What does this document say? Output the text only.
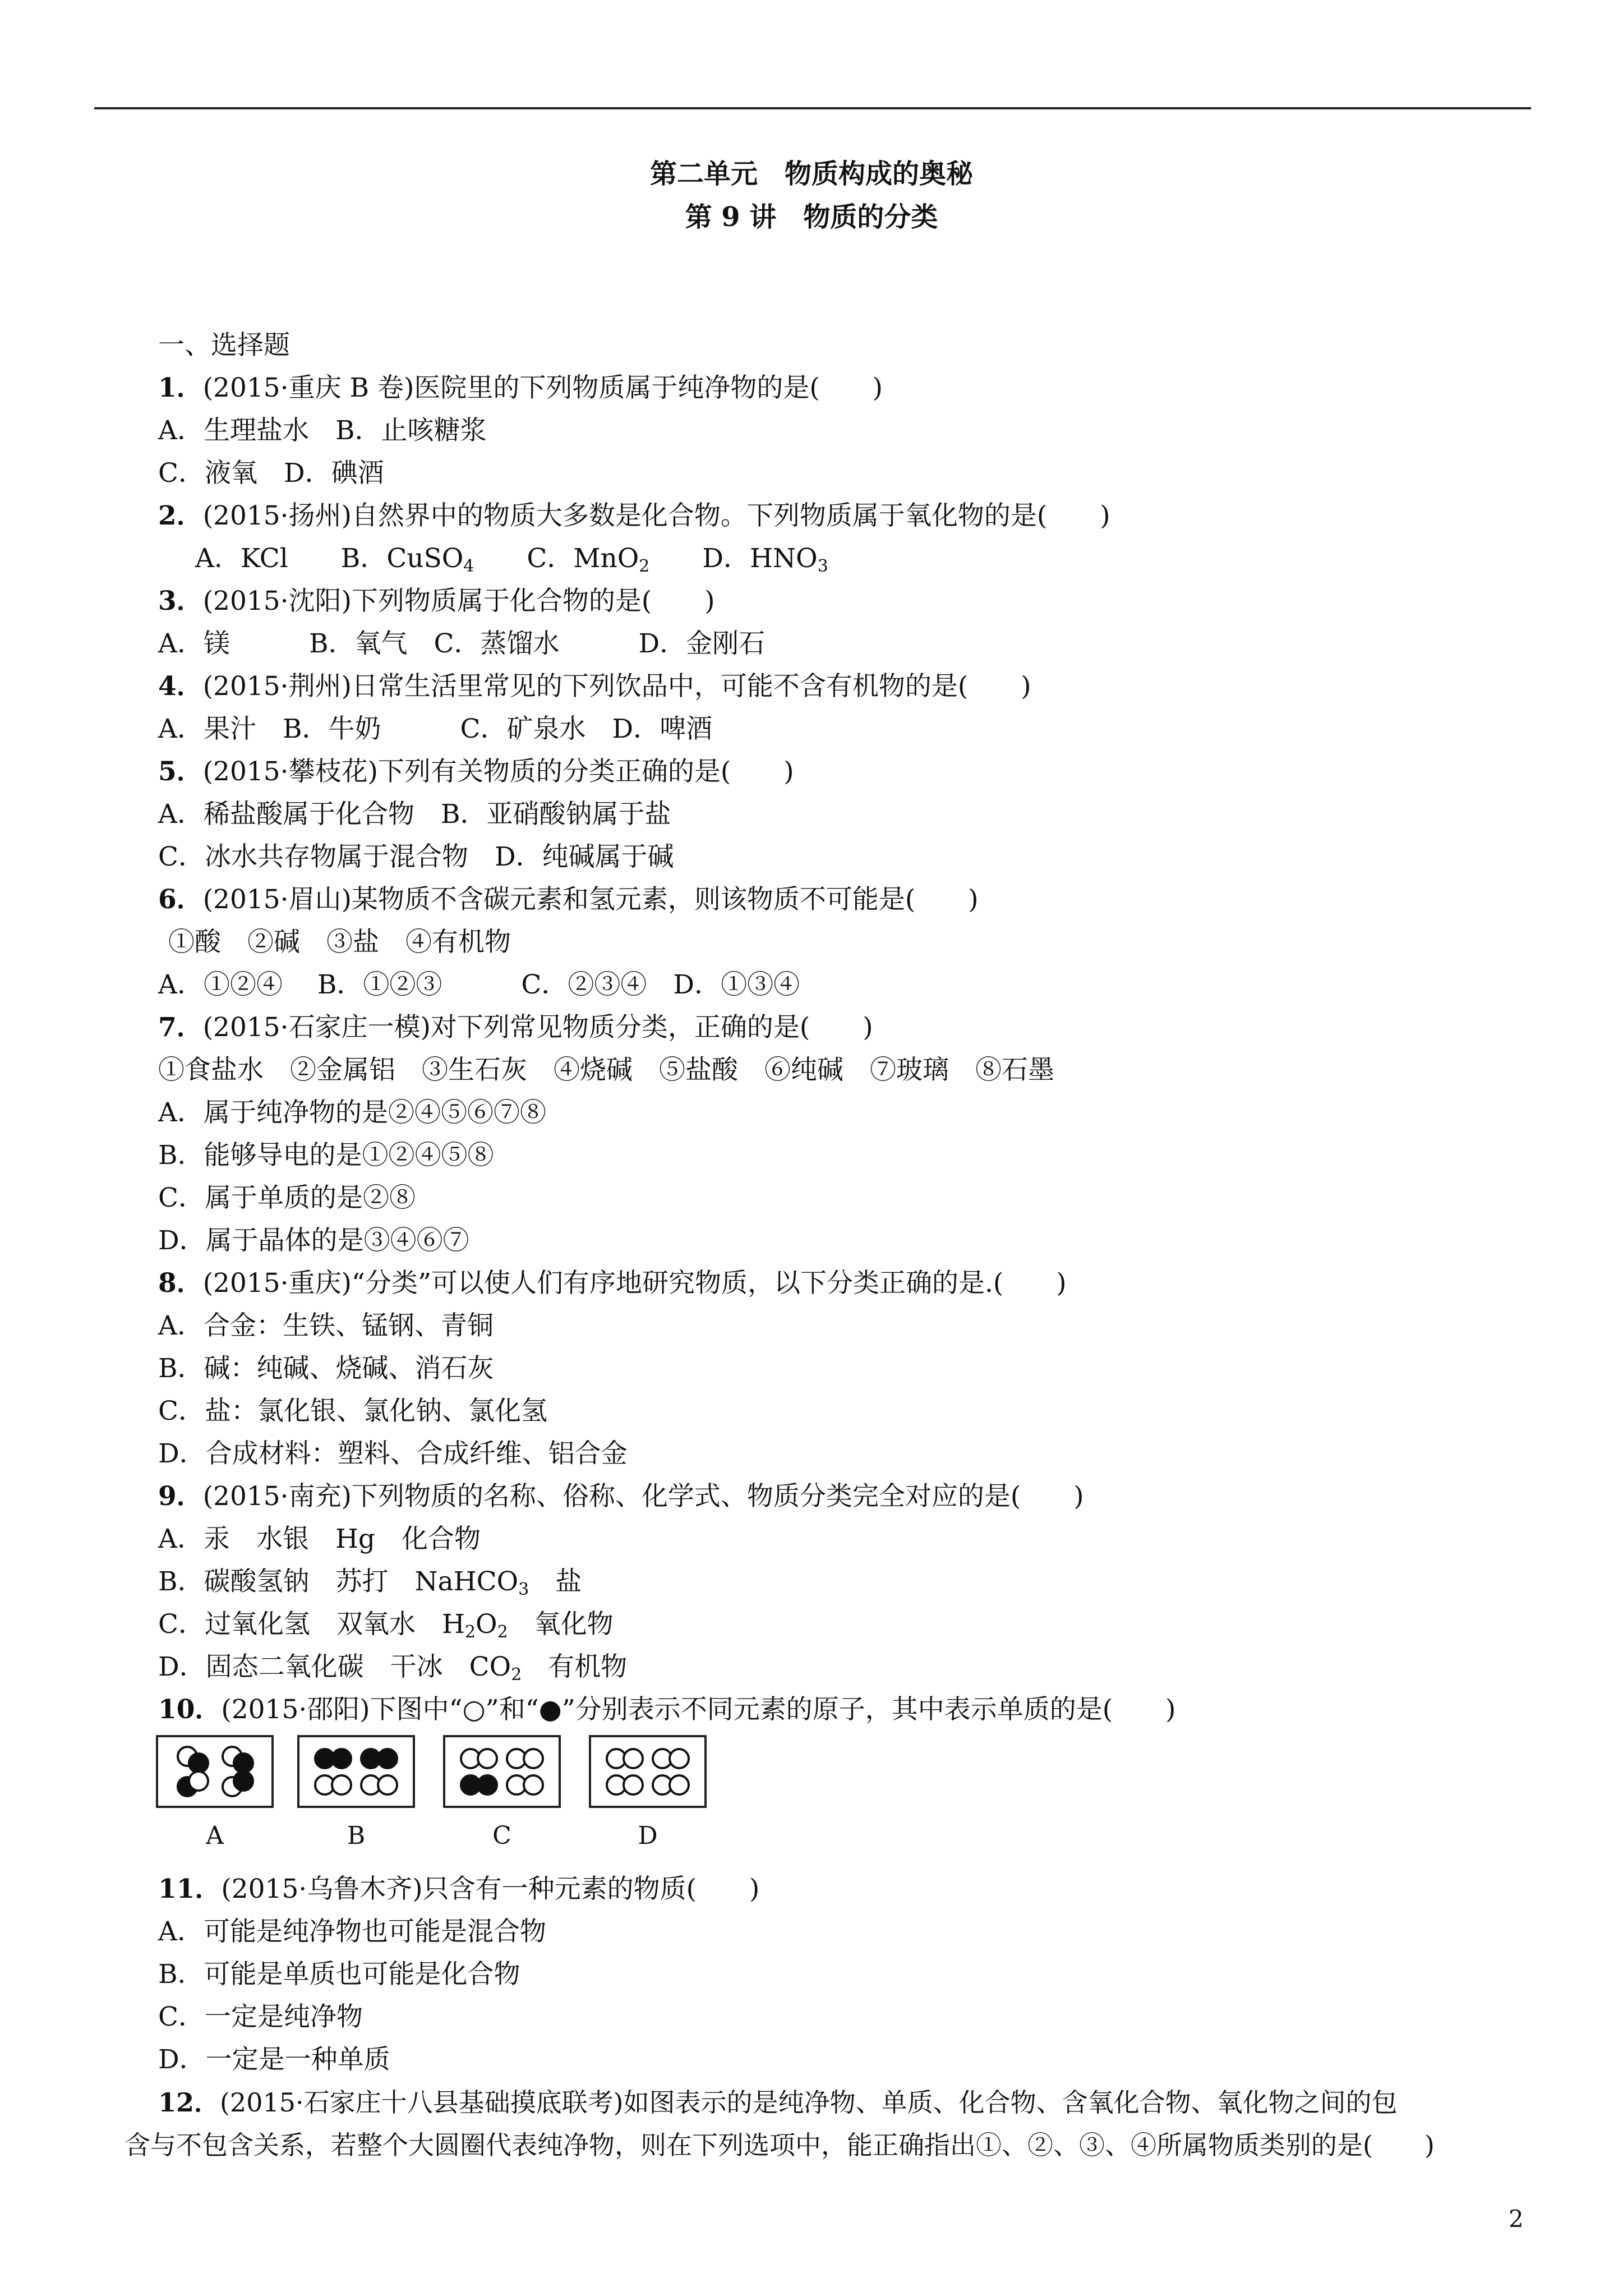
第二单元　物质构成的奥秘
第 9 讲　物质的分类
一、选择题
1．(2015·重庆 B 卷)医院里的下列物质属于纯净物的是(　　)
A．生理盐水　B．止咳糖浆
C．液氧　D．碘酒
2．(2015·扬州)自然界中的物质大多数是化合物。下列物质属于氧化物的是(　　)
A．KCl　　 B．CuSO$_4$　　 C．MnO$_2$　　 D．$HNO_3$
3．(2015·沈阳)下列物质属于化合物的是(　　)
A．镁　　　B．氧气　C．蒸馏水　　　D．金刚石
4．(2015·荆州)日常生活里常见的下列饮品中，可能不含有机物的是(　　)
A．果汁　B．牛奶　　　C．矿泉水　D．啤酒
5．(2015·攀枝花)下列有关物质的分类正确的是(　　)
A．稀盐酸属于化合物　B．亚硝酸钠属于盐
C．冰水共存物属于混合物　D．纯碱属于碱
6．(2015·眉山)某物质不含碳元素和氢元素，则该物质不可能是(　　)
①酸　②碱　③盐　④有机物
A．①②④　 B．①②③　　　C．②③④　D．①③④
7．(2015·石家庄一模)对下列常见物质分类，正确的是(　　)
①食盐水　②金属铝　③生石灰　④烧碱　⑤盐酸　⑥纯碱　⑦玻璃　⑧石墨
A．属于纯净物的是②④⑤⑥⑦⑧
B．能够导电的是①②④⑤⑧
C．属于单质的是②⑧
D．属于晶体的是③④⑥⑦
8．(2015·重庆)“分类”可以使人们有序地研究物质，以下分类正确的是.(　　)
A．合金：生铁、锰钢、青铜
B．碱：纯碱、烧碱、消石灰
C．盐：氯化银、氯化钠、氯化氢
D．合成材料：塑料、合成纤维、铝合金
9．(2015·南充)下列物质的名称、俗称、化学式、物质分类完全对应的是(　　)
A．汞　水银　Hg　化合物
B．碳酸氢钠　苏打　NaHCO$_3$　盐
C．过氧化氢　双氧水　$H_2O_2$　氧化物
D．固态二氧化碳　干冰　$CO_2$　有机物
10．(2015·邵阳)下图中“○”和“●”分别表示不同元素的原子，其中表示单质的是(　　)
A	B	C	D
11．(2015·乌鲁木齐)只含有一种元素的物质(　　)
A．可能是纯净物也可能是混合物
B．可能是单质也可能是化合物
C．一定是纯净物
D．一定是一种单质
12．(2015·石家庄十八县基础摸底联考)如图表示的是纯净物、单质、化合物、含氧化合物、氧化物之间的包
含与不包含关系，若整个大圆圈代表纯净物，则在下列选项中，能正确指出①、②、③、④所属物质类别的是(　　)
2
